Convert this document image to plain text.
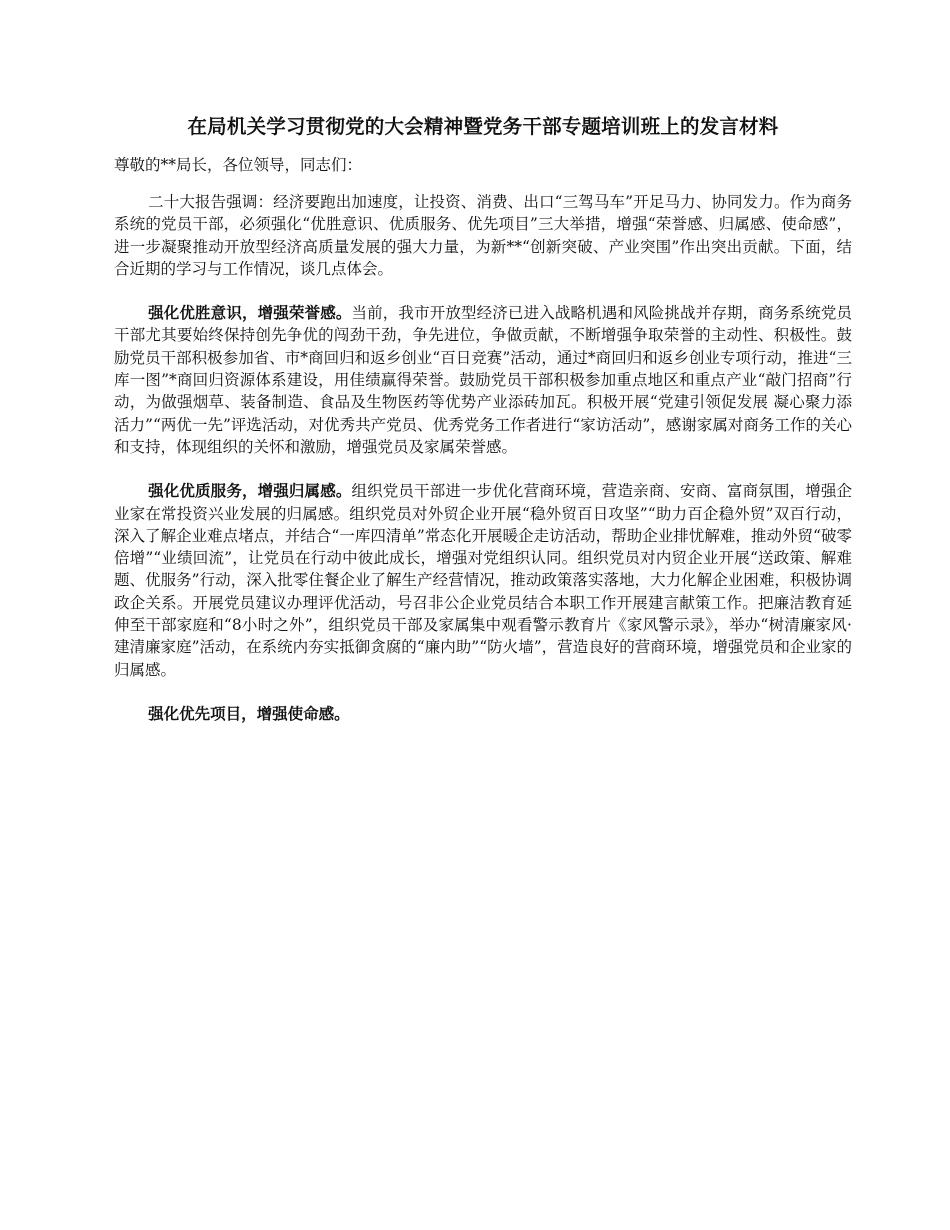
在局机关学习贯彻党的大会精神暨党务干部专题培训班上的发言材料

尊敬的**局长，各位领导，同志们：

二十大报告强调：经济要跑出加速度，让投资、消费、出口“三驾马车”开足马力、协同发力。作为商务系统的党员干部，必须强化“优胜意识、优质服务、优先项目”三大举措，增强“荣誉感、归属感、使命感”，进一步凝聚推动开放型经济高质量发展的强大力量，为新**“创新突破、产业突围”作出突出贡献。下面，结合近期的学习与工作情况，谈几点体会。

强化优胜意识，增强荣誉感。当前，我市开放型经济已进入战略机遇和风险挑战并存期，商务系统党员干部尤其要始终保持创先争优的闯劲干劲，争先进位，争做贡献，不断增强争取荣誉的主动性、积极性。鼓励党员干部积极参加省、市*商回归和返乡创业“百日竞赛”活动，通过*商回归和返乡创业专项行动，推进“三库一图”*商回归资源体系建设，用佳绩赢得荣誉。鼓励党员干部积极参加重点地区和重点产业“敲门招商”行动，为做强烟草、装备制造、食品及生物医药等优势产业添砖加瓦。积极开展“党建引领促发展 凝心聚力添活力”“两优一先”评选活动，对优秀共产党员、优秀党务工作者进行“家访活动”，感谢家属对商务工作的关心和支持，体现组织的关怀和激励，增强党员及家属荣誉感。

强化优质服务，增强归属感。组织党员干部进一步优化营商环境，营造亲商、安商、富商氛围，增强企业家在常投资兴业发展的归属感。组织党员对外贸企业开展“稳外贸百日攻坚”“助力百企稳外贸”双百行动，深入了解企业难点堵点，并结合“一库四清单”常态化开展暖企走访活动，帮助企业排忧解难，推动外贸“破零倍增”“业绩回流”，让党员在行动中彼此成长，增强对党组织认同。组织党员对内贸企业开展“送政策、解难题、优服务”行动，深入批零住餐企业了解生产经营情况，推动政策落实落地，大力化解企业困难，积极协调政企关系。开展党员建议办理评优活动，号召非公企业党员结合本职工作开展建言献策工作。把廉洁教育延伸至干部家庭和“8小时之外”，组织党员干部及家属集中观看警示教育片《家风警示录》，举办“树清廉家风·建清廉家庭”活动，在系统内夯实抵御贪腐的“廉内助”“防火墙”，营造良好的营商环境，增强党员和企业家的归属感。

强化优先项目，增强使命感。
